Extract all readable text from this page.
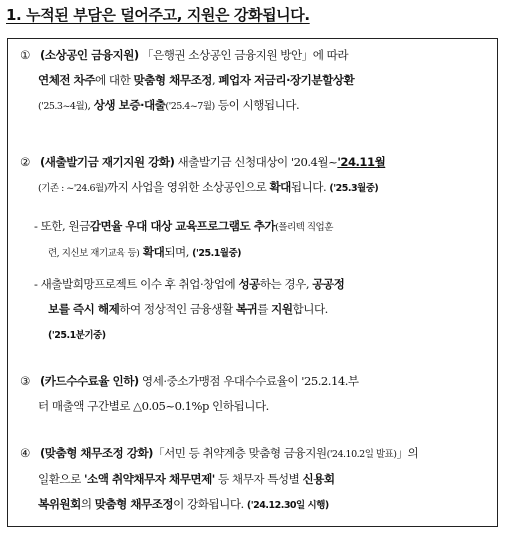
1. 누적된 부담은 덜어주고, 지원은 강화됩니다.
① (소상공인 금융지원) 「은행권 소상공인 금융지원 방안」에 따라
연체전 차주에 대한 맞춤형 채무조정, 폐업자 저금리·장기분할상환
('25.3~4월), 상생 보증·대출('25.4~7월) 등이 시행됩니다.
② (새출발기금 재기지원 강화) 새출발기금 신청대상이 '20.4월~'24.11월
(기존 : ~'24.6월)까지 사업을 영위한 소상공인으로 확대됩니다. ('25.3월중)
- 또한, 원금감면율 우대 대상 교육프로그램도 추가(폴리텍 직업훈
련, 지신보 재기교육 등) 확대되며, ('25.1월중)
- 새출발희망프로젝트 이수 후 취업·창업에 성공하는 경우, 공공정
보를 즉시 해제하여 정상적인 금융생활 복귀를 지원합니다.
('25.1분기중)
③ (카드수수료율 인하) 영세·중소가맹점 우대수수료율이 '25.2.14.부
터 매출액 구간별로 △0.05~0.1%p 인하됩니다.
④ (맞춤형 채무조정 강화)「서민 등 취약계층 맞춤형 금융지원('24.10.2일 발표)」의
일환으로 '소액 취약채무자 채무면제' 등 채무자 특성별 신용회
복위원회의 맞춤형 채무조정이 강화됩니다. ('24.12.30일 시행)
